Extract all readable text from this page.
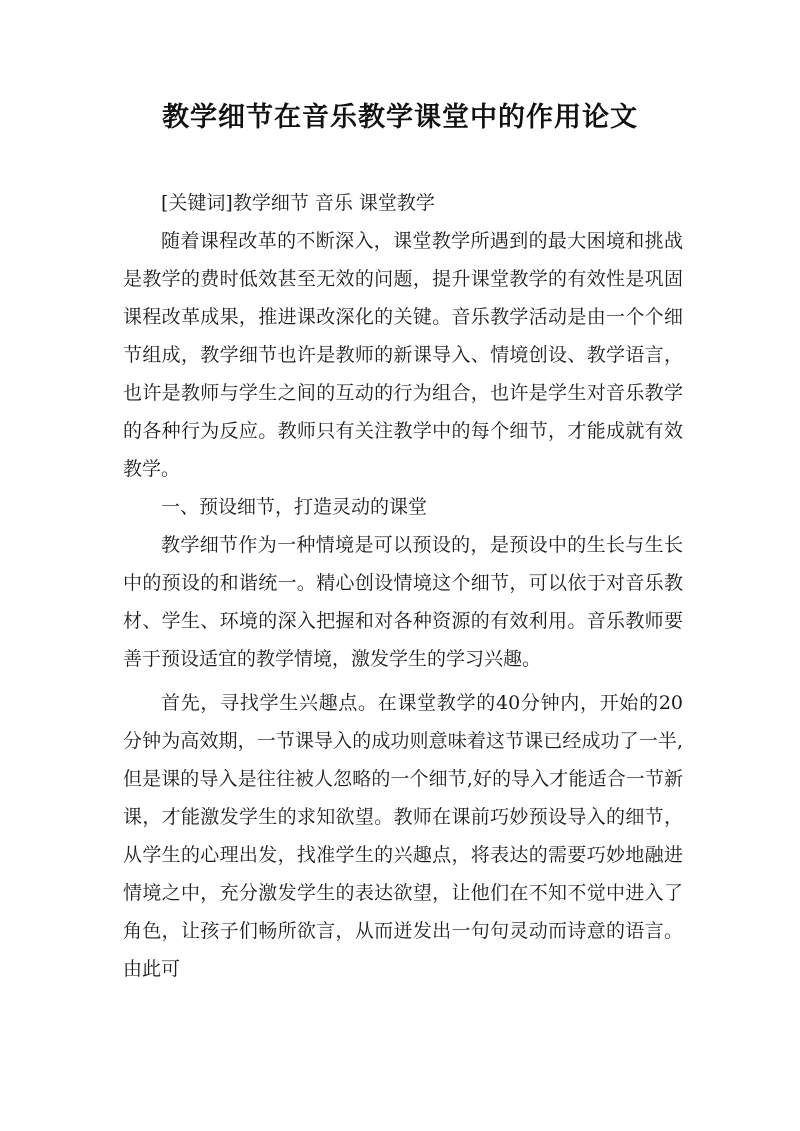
教学细节在音乐教学课堂中的作用论文

[关键词]教学细节 音乐 课堂教学

随着课程改革的不断深入，课堂教学所遇到的最大困境和挑战是教学的费时低效甚至无效的问题，提升课堂教学的有效性是巩固课程改革成果，推进课改深化的关键。音乐教学活动是由一个个细节组成，教学细节也许是教师的新课导入、情境创设、教学语言，也许是教师与学生之间的互动的行为组合，也许是学生对音乐教学的各种行为反应。教师只有关注教学中的每个细节，才能成就有效教学。

一、预设细节，打造灵动的课堂

教学细节作为一种情境是可以预设的，是预设中的生长与生长中的预设的和谐统一。精心创设情境这个细节，可以依于对音乐教材、学生、环境的深入把握和对各种资源的有效利用。音乐教师要善于预设适宜的教学情境，激发学生的学习兴趣。

首先，寻找学生兴趣点。在课堂教学的40分钟内，开始的20分钟为高效期，一节课导入的成功则意味着这节课已经成功了一半,但是课的导入是往往被人忽略的一个细节,好的导入才能适合一节新课，才能激发学生的求知欲望。教师在课前巧妙预设导入的细节，从学生的心理出发，找准学生的兴趣点，将表达的需要巧妙地融进情境之中，充分激发学生的表达欲望，让他们在不知不觉中进入了角色，让孩子们畅所欲言，从而迸发出一句句灵动而诗意的语言。由此可
